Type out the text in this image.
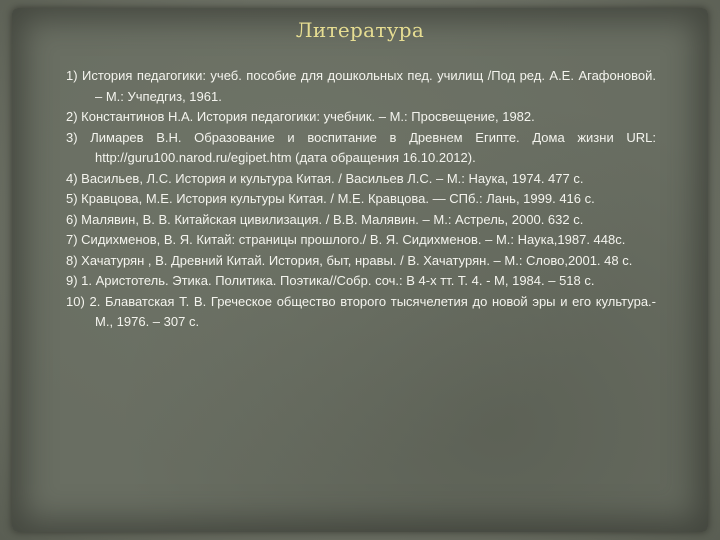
Литература
1) История педагогики: учеб. пособие для дошкольных пед. училищ /Под ред. А.Е. Агафоновой. – М.: Учпедгиз, 1961.
2) Константинов Н.А. История педагогики: учебник. – М.: Просвещение, 1982.
3) Лимарев В.Н. Образование и воспитание в Древнем Египте. Дома жизни URL: http://guru100.narod.ru/egipet.htm (дата обращения 16.10.2012).
4) Васильев, Л.С. История и культура Китая. / Васильев Л.С. – М.: Наука, 1974. 477 с.
5) Кравцова, М.Е. История культуры Китая. / М.Е. Кравцова. — СПб.: Лань, 1999. 416 с.
6) Малявин, В. В. Китайская цивилизация. / В.В. Малявин. – М.: Астрель, 2000. 632 с.
7) Сидихменов, В. Я. Китай: страницы прошлого./ В. Я. Сидихменов. – М.: Наука,1987. 448с.
8) Хачатурян , В. Древний Китай. История, быт, нравы. / В. Хачатурян. – М.: Слово,2001. 48 с.
9) 1. Аристотель. Этика. Политика. Поэтика//Собр. соч.: В 4-х тт. Т. 4. - М, 1984. – 518 с.
10) 2. Блаватская Т. В. Греческое общество второго тысячелетия до новой эры и его культура.- М., 1976. – 307 с.
